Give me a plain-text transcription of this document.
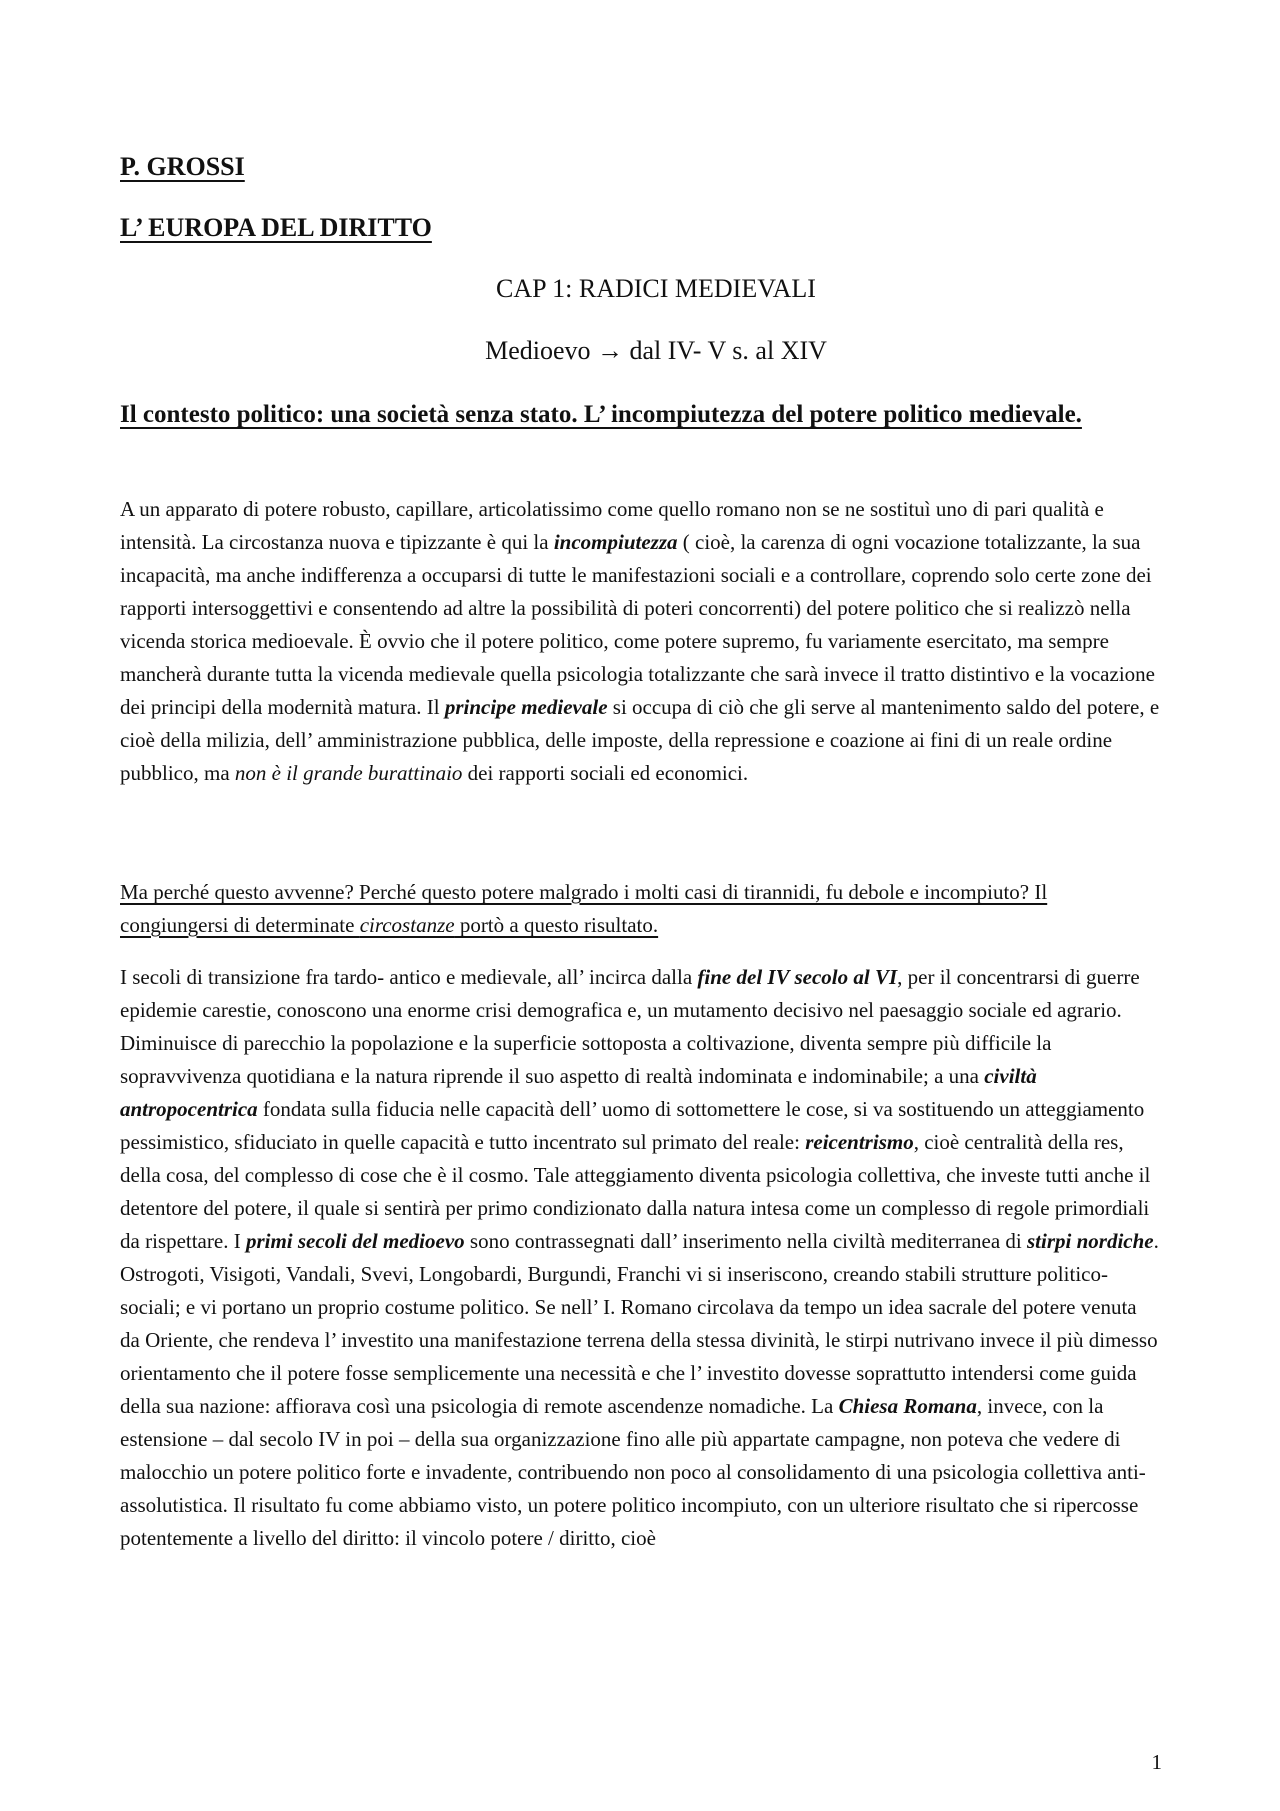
P. GROSSI
L’ EUROPA DEL DIRITTO
CAP 1: RADICI MEDIEVALI
Medioevo → dal IV- V s. al XIV
Il contesto politico: una società senza stato. L’ incompiutezza del potere politico medievale.

A un apparato di potere robusto, capillare, articolatissimo come quello romano non se ne sostituì uno di pari qualità e intensità. La circostanza nuova e tipizzante è qui la incompiutezza ( cioè, la carenza di ogni vocazione totalizzante, la sua incapacità, ma anche indifferenza a occuparsi di tutte le manifestazioni sociali e a controllare, coprendo solo certe zone dei rapporti intersoggettivi e consentendo ad altre la possibilità di poteri concorrenti) del potere politico che si realizzò nella vicenda storica medioevale. È ovvio che il potere politico, come potere supremo, fu variamente esercitato, ma sempre mancherà durante tutta la vicenda medievale quella psicologia totalizzante che sarà invece il tratto distintivo e la vocazione dei principi della modernità matura. Il principe medievale si occupa di ciò che gli serve al mantenimento saldo del potere, e cioè della milizia, dell’ amministrazione pubblica, delle imposte, della repressione e coazione ai fini di un reale ordine pubblico, ma non è il grande burattinaio dei rapporti sociali ed economici.

Ma perché questo avvenne? Perché questo potere malgrado i molti casi di tirannidi, fu debole e incompiuto? Il congiungersi di determinate circostanze portò a questo risultato.

I secoli di transizione fra tardo- antico e medievale, all’ incirca dalla fine del IV secolo al VI, per il concentrarsi di guerre epidemie carestie, conoscono una enorme crisi demografica e, un mutamento decisivo nel paesaggio sociale ed agrario. Diminuisce di parecchio la popolazione e la superficie sottoposta a coltivazione, diventa sempre più difficile la sopravvivenza quotidiana e la natura riprende il suo aspetto di realtà indominata e indominabile; a una civiltà antropocentrica fondata sulla fiducia nelle capacità dell’ uomo di sottomettere le cose, si va sostituendo un atteggiamento pessimistico, sfiduciato in quelle capacità e tutto incentrato sul primato del reale: reicentrismo, cioè centralità della res, della cosa, del complesso di cose che è il cosmo. Tale atteggiamento diventa psicologia collettiva, che investe tutti anche il detentore del potere, il quale si sentirà per primo condizionato dalla natura intesa come un complesso di regole primordiali da rispettare. I primi secoli del medioevo sono contrassegnati dall’ inserimento nella civiltà mediterranea di stirpi nordiche. Ostrogoti, Visigoti, Vandali, Svevi, Longobardi, Burgundi, Franchi vi si inseriscono, creando stabili strutture politico- sociali; e vi portano un proprio costume politico. Se nell’ I. Romano circolava da tempo un idea sacrale del potere venuta da Oriente, che rendeva l’ investito una manifestazione terrena della stessa divinità, le stirpi nutrivano invece il più dimesso orientamento che il potere fosse semplicemente una necessità e che l’ investito dovesse soprattutto intendersi come guida della sua nazione: affiorava così una psicologia di remote ascendenze nomadiche. La Chiesa Romana, invece, con la estensione – dal secolo IV in poi – della sua organizzazione fino alle più appartate campagne, non poteva che vedere di malocchio un potere politico forte e invadente, contribuendo non poco al consolidamento di una psicologia collettiva anti- assolutistica. Il risultato fu come abbiamo visto, un potere politico incompiuto, con un ulteriore risultato che si ripercosse potentemente a livello del diritto: il vincolo potere / diritto, cioè

1
